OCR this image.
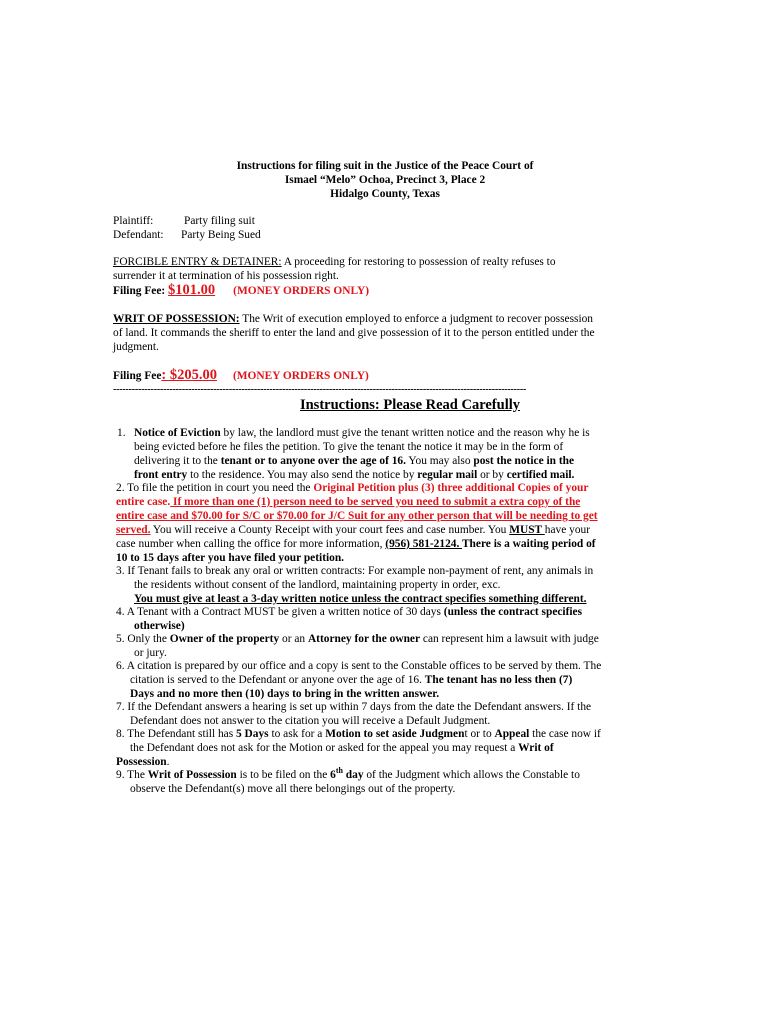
Instructions for filing suit in the Justice of the Peace Court of
Ismael “Melo” Ochoa, Precinct 3, Place 2
Hidalgo County, Texas
Plaintiff:	Party filing suit
Defendant: Party Being Sued
FORCIBLE ENTRY & DETAINER: A proceeding for restoring to possession of realty refuses to
surrender it at termination of his possession right.
Filing Fee: $101.00 (MONEY ORDERS ONLY)
WRIT OF POSSESSION: The Writ of execution employed to enforce a judgment to recover possession
of land. It commands the sheriff to enter the land and give possession of it to the person entitled under the
judgment.
Filing Fee: $205.00 (MONEY ORDERS ONLY)
------------------------------------------------------------------------------------------------------------------------------------
Instructions: Please Read Carefully
1. Notice of Eviction by law, the landlord must give the tenant written notice and the reason why he is
being evicted before he files the petition. To give the tenant the notice it may be in the form of
delivering it to the tenant or to anyone over the age of 16. You may also post the notice in the
front entry to the residence. You may also send the notice by regular mail or by certified mail.
2. To file the petition in court you need the Original Petition plus (3) three additional Copies of your
entire case. If more than one (1) person need to be served you need to submit a extra copy of the
entire case and $70.00 for S/C or $70.00 for J/C Suit for any other person that will be needing to get
served. You will receive a County Receipt with your court fees and case number. You MUST have your
case number when calling the office for more information, (956) 581-2124. There is a waiting period of
10 to 15 days after you have filed your petition.
3. If Tenant fails to break any oral or written contracts: For example non-payment of rent, any animals in
the residents without consent of the landlord, maintaining property in order, exc.
You must give at least a 3-day written notice unless the contract specifies something different.
4. A Tenant with a Contract MUST be given a written notice of 30 days (unless the contract specifies
otherwise)
5. Only the Owner of the property or an Attorney for the owner can represent him a lawsuit with judge
or jury.
6. A citation is prepared by our office and a copy is sent to the Constable offices to be served by them. The
citation is served to the Defendant or anyone over the age of 16. The tenant has no less then (7)
Days and no more then (10) days to bring in the written answer.
7. If the Defendant answers a hearing is set up within 7 days from the date the Defendant answers. If the
Defendant does not answer to the citation you will receive a Default Judgment.
8. The Defendant still has 5 Days to ask for a Motion to set aside Judgment or to Appeal the case now if
the Defendant does not ask for the Motion or asked for the appeal you may request a Writ of
Possession.
9. The Writ of Possession is to be filed on the 6th day of the Judgment which allows the Constable to
observe the Defendant(s) move all there belongings out of the property.
